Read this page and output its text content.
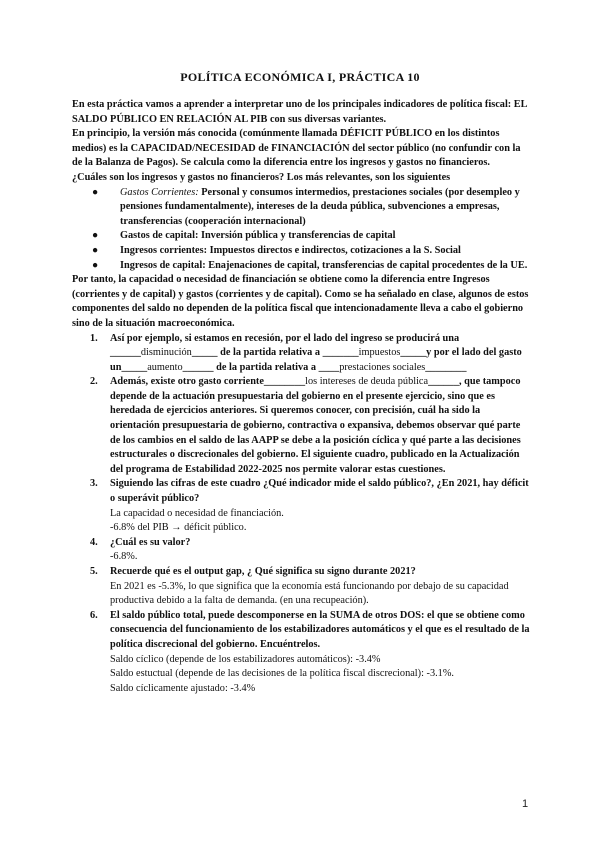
POLÍTICA ECONÓMICA I, PRÁCTICA 10

En esta práctica vamos a aprender a interpretar uno de los principales indicadores de política fiscal: EL SALDO PÚBLICO EN RELACIÓN AL PIB con sus diversas variantes.

En principio, la versión más conocida (comúnmente llamada DÉFICIT PÚBLICO en los distintos medios) es la CAPACIDAD/NECESIDAD de FINANCIACIÓN del sector público (no confundir con la de la Balanza de Pagos). Se calcula como la diferencia entre los ingresos y gastos no financieros.

¿Cuáles son los ingresos y gastos no financieros? Los más relevantes, son los siguientes

● Gastos Corrientes: Personal y consumos intermedios, prestaciones sociales (por desempleo y pensiones fundamentalmente), intereses de la deuda pública, subvenciones a empresas, transferencias (cooperación internacional)
● Gastos de capital: Inversión pública y transferencias de capital
● Ingresos corrientes: Impuestos directos e indirectos, cotizaciones a la S. Social
● Ingresos de capital: Enajenaciones de capital, transferencias de capital procedentes de la UE.

Por tanto, la capacidad o necesidad de financiación se obtiene como la diferencia entre Ingresos (corrientes y de capital) y gastos (corrientes y de capital). Como se ha señalado en clase, algunos de estos componentes del saldo no dependen de la política fiscal que intencionadamente lleva a cabo el gobierno sino de la situación macroeconómica.

1. Así por ejemplo, si estamos en recesión, por el lado del ingreso se producirá una ______disminución_____ de la partida relativa a _______impuestos_____y por el lado del gasto un_____aumento______ de la partida relativa a ____prestaciones sociales________
2. Además, existe otro gasto corriente________los intereses de deuda pública______, que tampoco depende de la actuación presupuestaria del gobierno en el presente ejercicio, sino que es heredada de ejercicios anteriores. Si queremos conocer, con precisión, cuál ha sido la orientación presupuestaria de gobierno, contractiva o expansiva, debemos observar qué parte de los cambios en el saldo de las AAPP se debe a la posición cíclica y qué parte a las decisiones estructurales o discrecionales del gobierno. El siguiente cuadro, publicado en la Actualización del programa de Estabilidad 2022-2025 nos permite valorar estas cuestiones.
3. Siguiendo las cifras de este cuadro ¿Qué indicador mide el saldo público?, ¿En 2021, hay déficit o superávit público?
La capacidad o necesidad de financiación.
-6.8% del PIB → déficit público.
4. ¿Cuál es su valor?
-6.8%.
5. Recuerde qué es el output gap, ¿ Qué significa su signo durante 2021?
En 2021 es -5.3%, lo que significa que la economía está funcionando por debajo de su capacidad productiva debido a la falta de demanda. (en una recupeación).
6. El saldo público total, puede descomponerse en la SUMA de otros DOS: el que se obtiene como consecuencia del funcionamiento de los estabilizadores automáticos y el que es el resultado de la política discrecional del gobierno. Encuéntrelos.
Saldo cíclico (depende de los estabilizadores automáticos): -3.4%
Saldo estuctual (depende de las decisiones de la política fiscal discrecional): -3.1%.
Saldo cíclicamente ajustado: -3.4%
1
